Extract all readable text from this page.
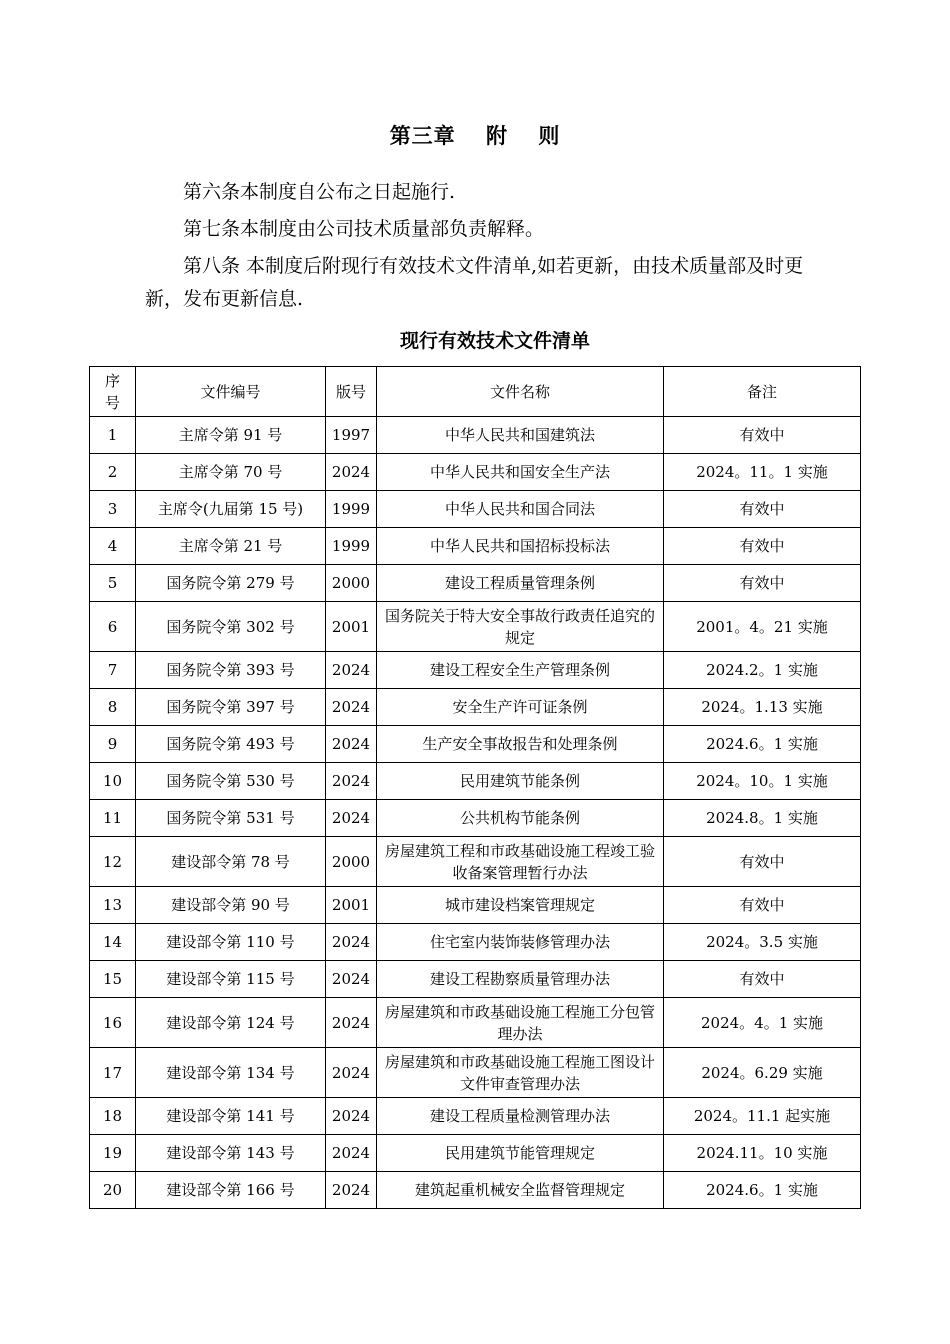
第三章 附 则
第六条本制度自公布之日起施行.
第七条本制度由公司技术质量部负责解释。
第八条 本制度后附现行有效技术文件清单,如若更新，由技术质量部及时更新，发布更新信息.
现行有效技术文件清单
序号	文件编号	版号	文件名称	备注
1	主席令第 91 号	1997	中华人民共和国建筑法	有效中
2	主席令第 70 号	2024	中华人民共和国安全生产法	2024。11。1 实施
3	主席令(九届第 15 号)	1999	中华人民共和国合同法	有效中
4	主席令第 21 号	1999	中华人民共和国招标投标法	有效中
5	国务院令第 279 号	2000	建设工程质量管理条例	有效中
6	国务院令第 302 号	2001	国务院关于特大安全事故行政责任追究的规定	2001。4。21 实施
7	国务院令第 393 号	2024	建设工程安全生产管理条例	2024.2。1 实施
8	国务院令第 397 号	2024	安全生产许可证条例	2024。1.13 实施
9	国务院令第 493 号	2024	生产安全事故报告和处理条例	2024.6。1 实施
10	国务院令第 530 号	2024	民用建筑节能条例	2024。10。1 实施
11	国务院令第 531 号	2024	公共机构节能条例	2024.8。1 实施
12	建设部令第 78 号	2000	房屋建筑工程和市政基础设施工程竣工验收备案管理暂行办法	有效中
13	建设部令第 90 号	2001	城市建设档案管理规定	有效中
14	建设部令第 110 号	2024	住宅室内装饰装修管理办法	2024。3.5 实施
15	建设部令第 115 号	2024	建设工程勘察质量管理办法	有效中
16	建设部令第 124 号	2024	房屋建筑和市政基础设施工程施工分包管理办法	2024。4。1 实施
17	建设部令第 134 号	2024	房屋建筑和市政基础设施工程施工图设计文件审查管理办法	2024。6.29 实施
18	建设部令第 141 号	2024	建设工程质量检测管理办法	2024。11.1 起实施
19	建设部令第 143 号	2024	民用建筑节能管理规定	2024.11。10 实施
20	建设部令第 166 号	2024	建筑起重机械安全监督管理规定	2024.6。1 实施
